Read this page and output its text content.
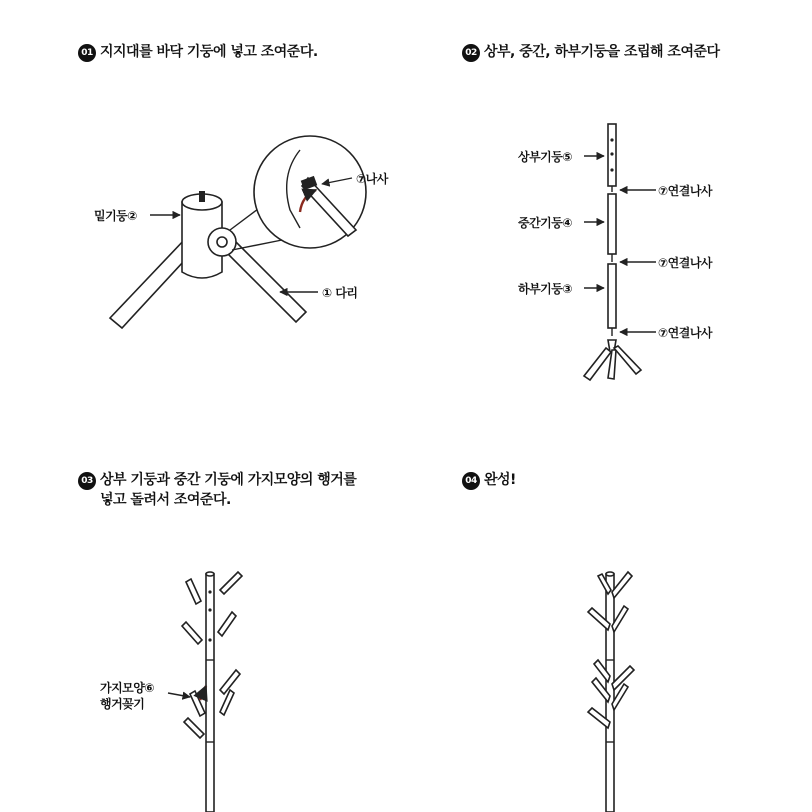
01 지지대를 바닥 기둥에 넣고 조여준다.	02 상부, 중간, 하부기둥을 조립해 조여준다
03 상부 기둥과 중간 기둥에 가지모양의 행거를
넣고 돌려서 조여준다.
04 완성!
밑기둥②
⑦나사
① 다리
상부기둥⑤
⑦연결나사
중간기둥④
⑦연결나사
하부기둥③
⑦연결나사
가지모양⑥
행거꽂기
